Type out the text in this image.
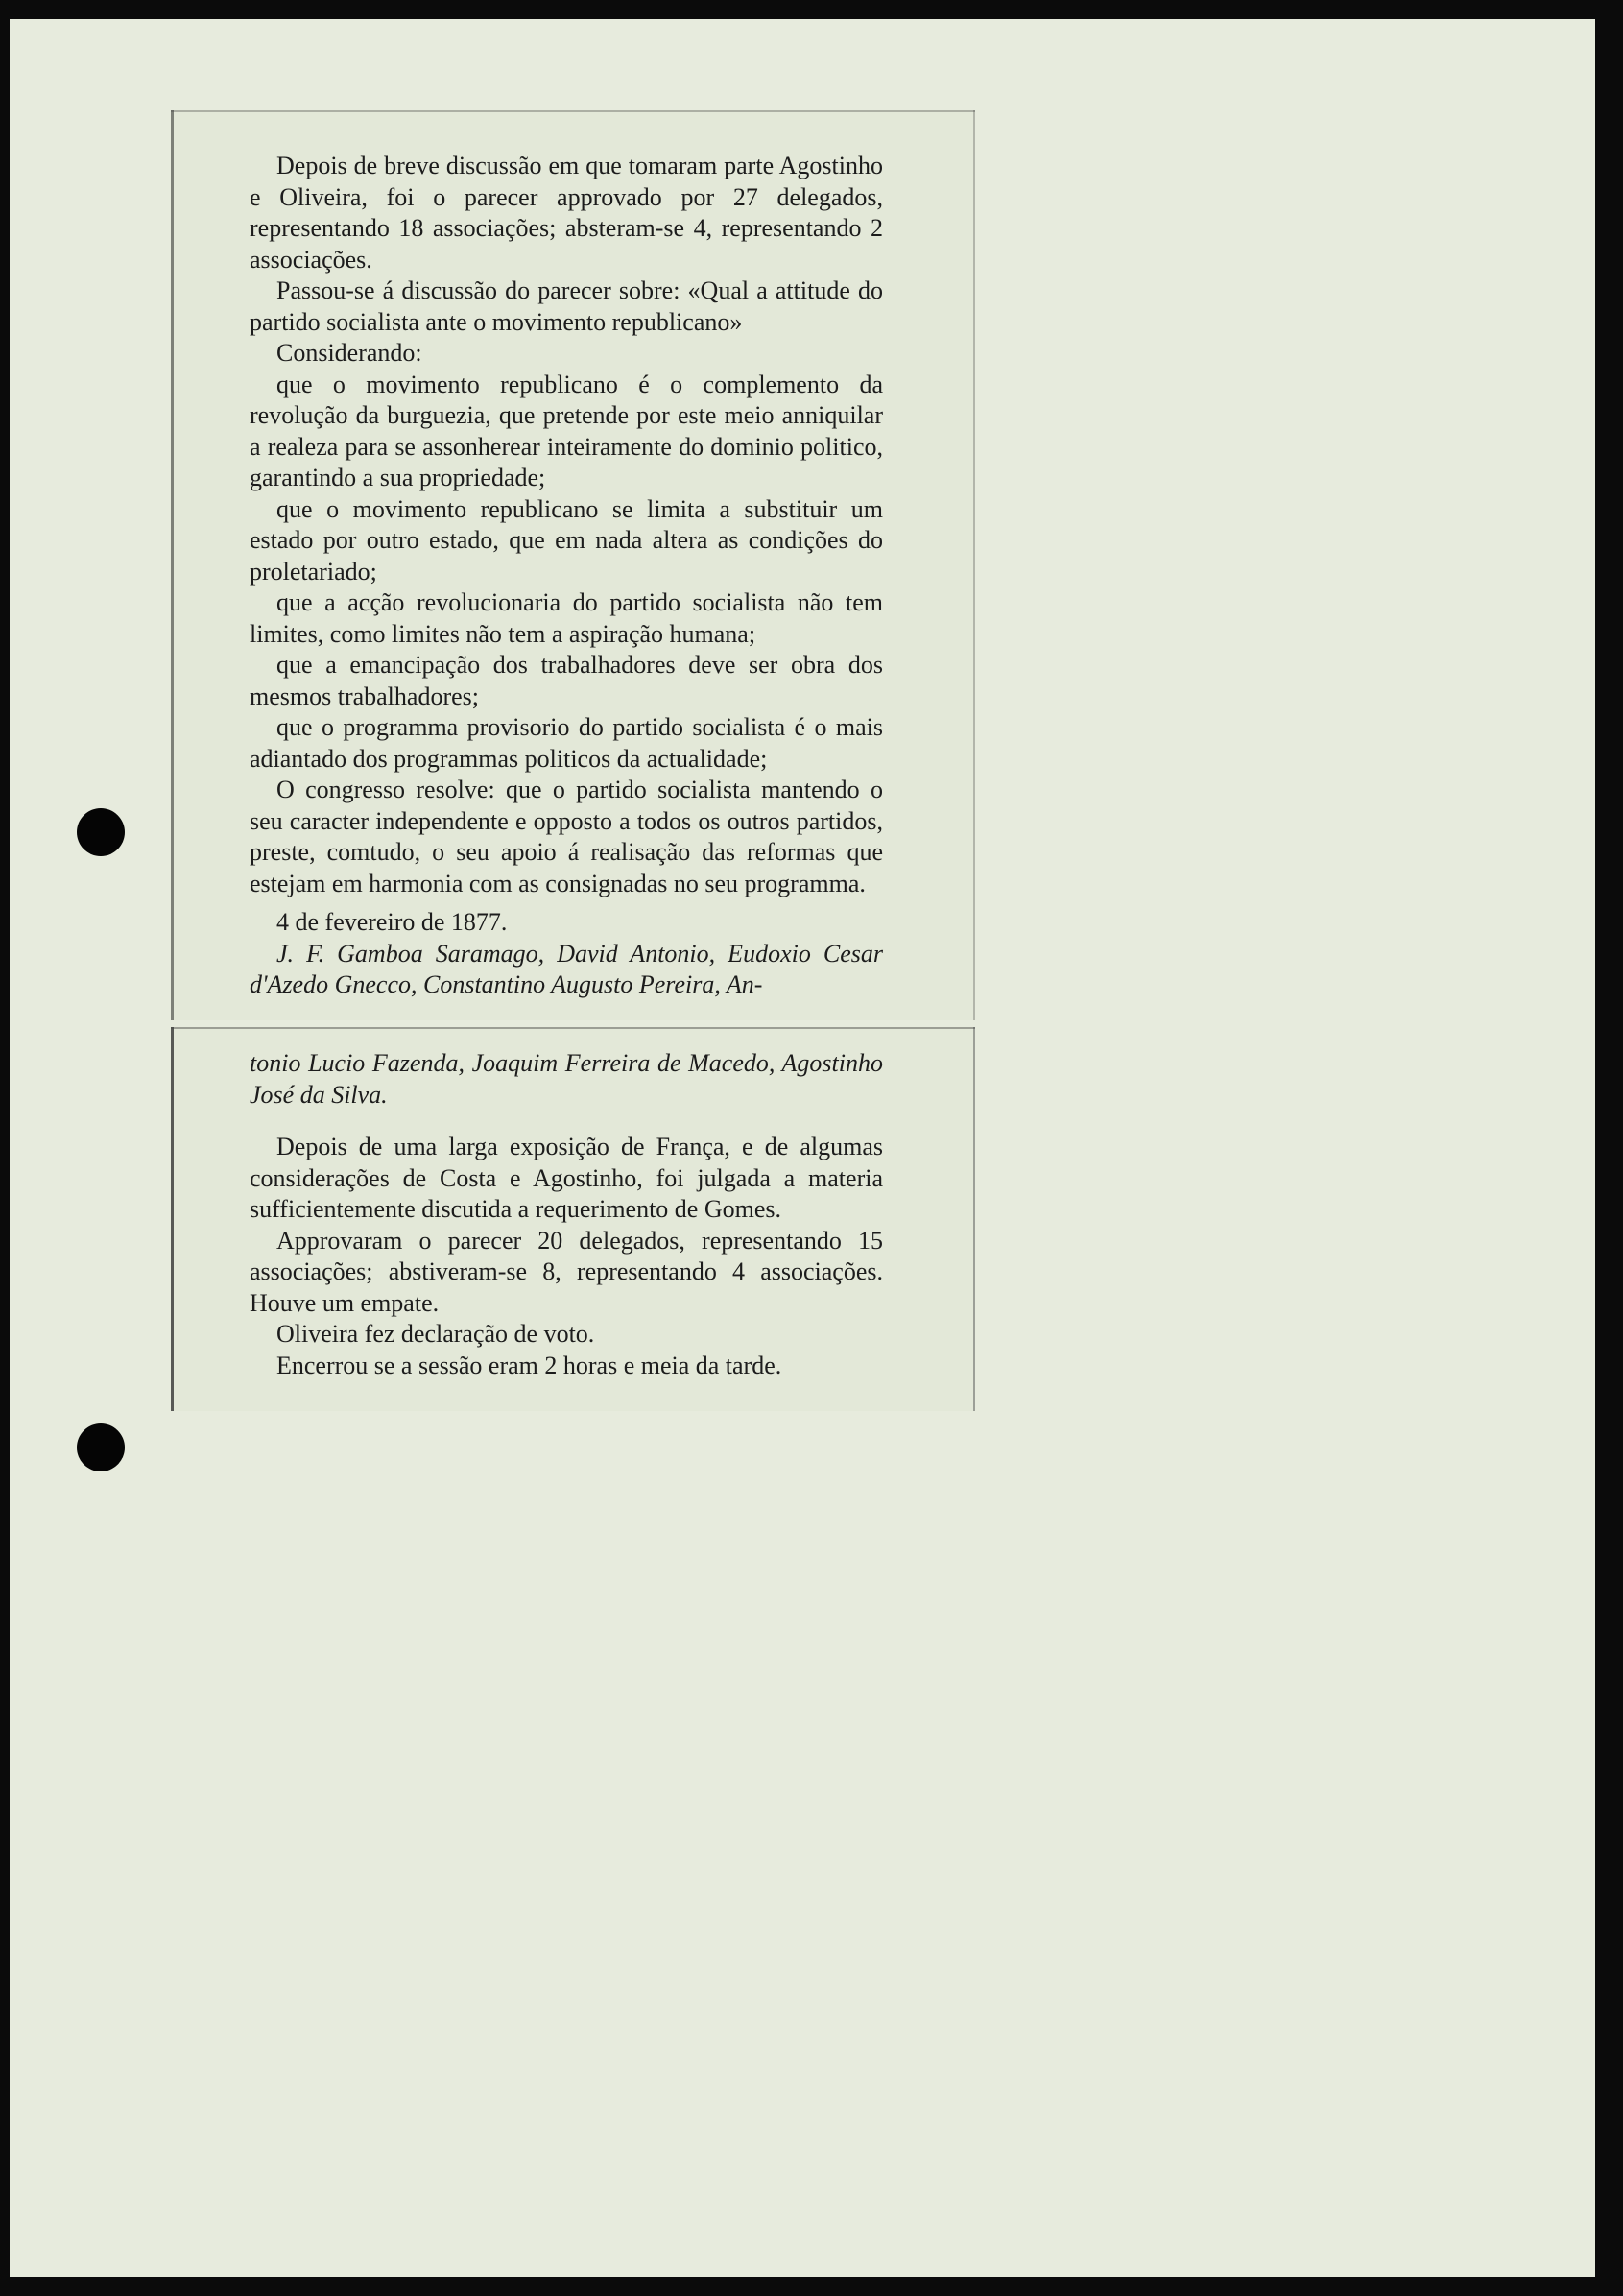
Depois de breve discussão em que tomaram parte Agostinho e Oliveira, foi o parecer approvado por 27 delegados, representando 18 associações; absteram-se 4, representando 2 associações.

Passou-se á discussão do parecer sobre: «Qual a attitude do partido socialista ante o movimento republicano»

Considerando:

que o movimento republicano é o complemento da revolução da burguezia, que pretende por este meio anniquilar a realeza para se assonherear inteiramente do dominio politico, garantindo a sua propriedade;

que o movimento republicano se limita a substituir um estado por outro estado, que em nada altera as condições do proletariado;

que a acção revolucionaria do partido socialista não tem limites, como limites não tem a aspiração humana;

que a emancipação dos trabalhadores deve ser obra dos mesmos trabalhadores;

que o programma provisorio do partido socialista é o mais adiantado dos programmas politicos da actualidade;

O congresso resolve: que o partido socialista mantendo o seu caracter independente e opposto a todos os outros partidos, preste, comtudo, o seu apoio á realisação das reformas que estejam em harmonia com as consignadas no seu programma.

4 de fevereiro de 1877.

J. F. Gamboa Saramago, David Antonio, Eudoxio Cesar d'Azedo Gnecco, Constantino Augusto Pereira, An-

tonio Lucio Fazenda, Joaquim Ferreira de Macedo, Agostinho José da Silva.

Depois de uma larga exposição de França, e de algumas considerações de Costa e Agostinho, foi julgada a materia sufficientemente discutida a requerimento de Gomes.

Approvaram o parecer 20 delegados, representando 15 associações; abstiveram-se 8, representando 4 associações. Houve um empate.

Oliveira fez declaração de voto.

Encerrou se a sessão eram 2 horas e meia da tarde.
